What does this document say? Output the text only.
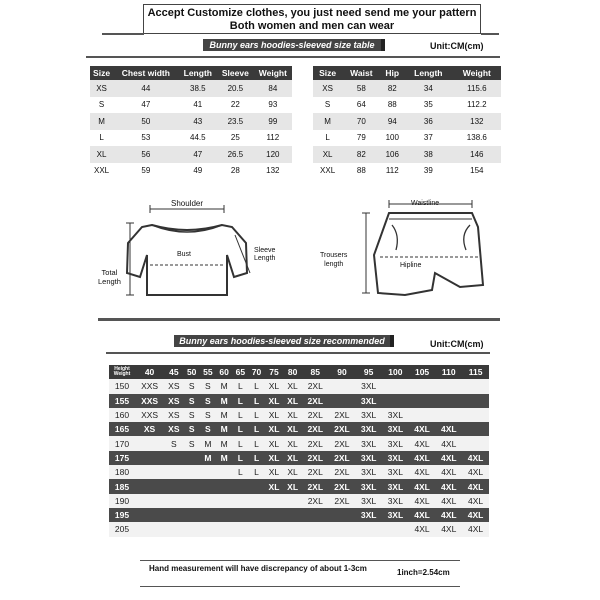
Accept Customize clothes, you just need send me your pattern
Both women and men can wear
Bunny ears hoodies-sleeved size table	Unit:CM(cm)
Size	Chest width	Length	Sleeve	Weight
XS	44	38.5	20.5	84
S	47	41	22	93
M	50	43	23.5	99
L	53	44.5	25	112
XL	56	47	26.5	120
XXL	59	49	28	132
Size	Waist	Hip	Length	Weight
XS	58	82	34	115.6
S	64	88	35	112.2
M	70	94	36	132
L	79	100	37	138.6
XL	82	106	38	146
XXL	88	112	39	154
Shoulder
Bust
Sleeve
Length
Total
Length
Waistline
Trousers
length	Hipline
Bunny ears hoodies-sleeved size recommended	Unit:CM(cm)
Height Weight	40	45	50	55	60	65	70	75	80	85	90	95	100	105	110	115
150	XXS	XS	S	S	M	L	L	XL	XL	2XL		3XL				
155	XXS	XS	S	S	M	L	L	XL	XL	2XL		3XL				
160	XXS	XS	S	S	M	L	L	XL	XL	2XL	2XL	3XL	3XL			
165	XS	XS	S	S	M	L	L	XL	XL	2XL	2XL	3XL	3XL	4XL	4XL	
170		S	S	M	M	L	L	XL	XL	2XL	2XL	3XL	3XL	4XL	4XL	
175				M	M	L	L	XL	XL	2XL	2XL	3XL	3XL	4XL	4XL	4XL
180						L	L	XL	XL	2XL	2XL	3XL	3XL	4XL	4XL	4XL
185								XL	XL	2XL	2XL	3XL	3XL	4XL	4XL	4XL
190										2XL	2XL	3XL	3XL	4XL	4XL	4XL
195												3XL	3XL	4XL	4XL	4XL
205														4XL	4XL	4XL
Hand measurement will have discrepancy of about 1-3cm	1inch=2.54cm
